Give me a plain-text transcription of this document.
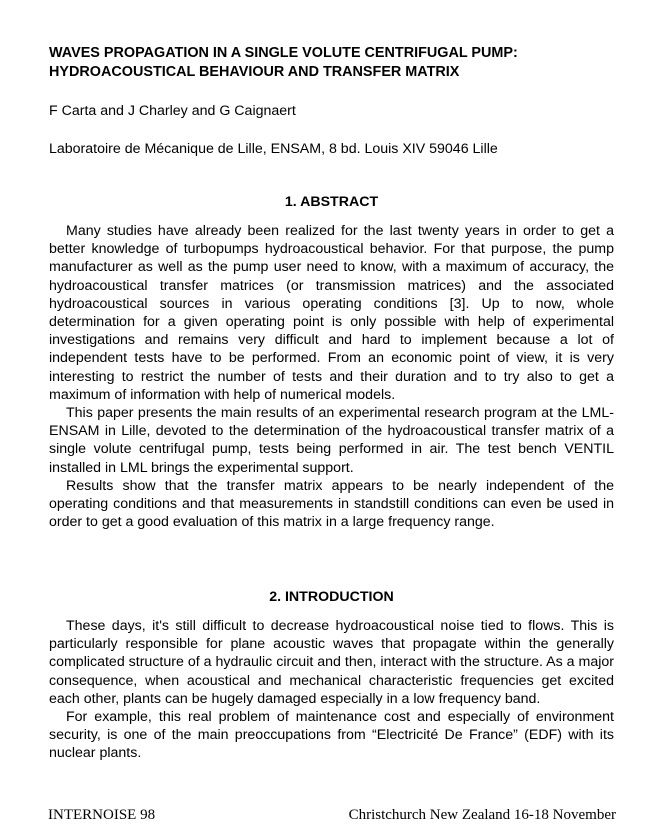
WAVES PROPAGATION IN A SINGLE VOLUTE CENTRIFUGAL PUMP:
HYDROACOUSTICAL BEHAVIOUR AND TRANSFER MATRIX

F Carta and J Charley and G Caignaert

Laboratoire de Mécanique de Lille, ENSAM, 8 bd. Louis XIV 59046 Lille

1. ABSTRACT

Many studies have already been realized for the last twenty years in order to get a better knowledge of turbopumps hydroacoustical behavior. For that purpose, the pump manufacturer as well as the pump user need to know, with a maximum of accuracy, the hydroacoustical transfer matrices (or transmission matrices) and the associated hydroacoustical sources in various operating conditions [3]. Up to now, whole determination for a given operating point is only possible with help of experimental investigations and remains very difficult and hard to implement because a lot of independent tests have to be performed. From an economic point of view, it is very interesting to restrict the number of tests and their duration and to try also to get a maximum of information with help of numerical models.

This paper presents the main results of an experimental research program at the LML-ENSAM in Lille, devoted to the determination of the hydroacoustical transfer matrix of a single volute centrifugal pump, tests being performed in air. The test bench VENTIL installed in LML brings the experimental support.

Results show that the transfer matrix appears to be nearly independent of the operating conditions and that measurements in standstill conditions can even be used in order to get a good evaluation of this matrix in a large frequency range.

2. INTRODUCTION

These days, it's still difficult to decrease hydroacoustical noise tied to flows. This is particularly responsible for plane acoustic waves that propagate within the generally complicated structure of a hydraulic circuit and then, interact with the structure. As a major consequence, when acoustical and mechanical characteristic frequencies get excited each other, plants can be hugely damaged especially in a low frequency band.

For example, this real problem of maintenance cost and especially of environment security, is one of the main preoccupations from “Electricité De France” (EDF) with its nuclear plants.

INTERNOISE 98	Christchurch New Zealand 16-18 November
